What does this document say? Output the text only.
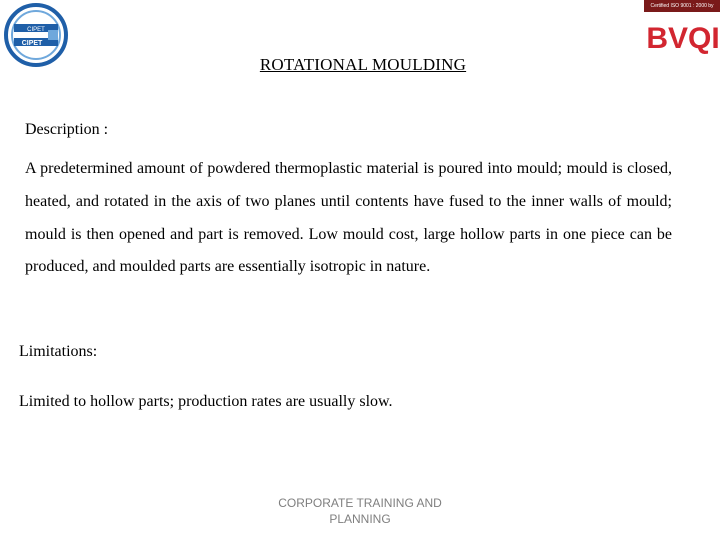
CIPET
CIPET
Certified ISO 9001 : 2000 by
BVQI
ROTATIONAL MOULDING
Description :

A predetermined amount of powdered thermoplastic material is poured into mould; mould is closed, heated, and rotated in the axis of two planes until contents have fused to the inner walls of mould; mould is then opened and part is removed. Low mould cost, large hollow parts in one piece can be produced, and moulded parts are essentially isotropic in nature.

Limitations:
Limited to hollow parts; production rates are usually slow.
CORPORATE TRAINING AND
PLANNING
